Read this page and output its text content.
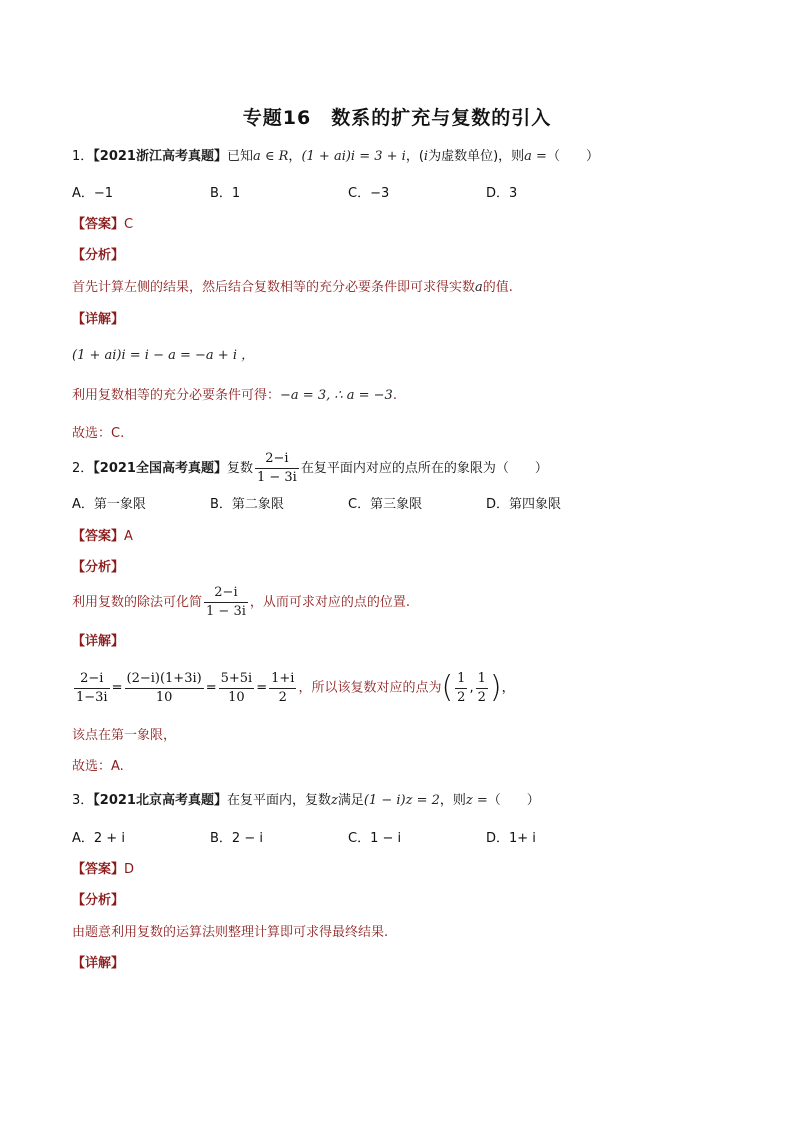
专题16　数系的扩充与复数的引入
1．【2021浙江高考真题】已知a ∈ R，(1 + ai)i = 3 + i，(i为虚数单位)，则a =（　　）
A．−1	B．1	C．−3	D．3
【答案】C
【分析】
首先计算左侧的结果，然后结合复数相等的充分必要条件即可求得实数a的值.
【详解】
(1 + ai)i = i − a = −a + i ，
利用复数相等的充分必要条件可得：−a = 3, ∴ a = −3.
故选：C.
2．【2021全国高考真题】复数 $\frac{2-i}{1 - 3i}$ 在复平面内对应的点所在的象限为（　　）
A．第一象限	B．第二象限	C．第三象限	D．第四象限
【答案】A
【分析】
利用复数的除法可化简 $\frac{2-i}{1 - 3i}$ ，从而可求对应的点的位置.
【详解】
$\frac{2-i}{1-3i} = \frac{(2-i)(1+3i)}{10} = \frac{5+5i}{10} = \frac{1+i}{2}$ ，所以该复数对应的点为( $\frac{1}{2}$ , $\frac{1}{2}$ )，
该点在第一象限，
故选：A.
3．【2021北京高考真题】在复平面内，复数z满足(1 − i)z = 2，则z =（　　）
A．2 + i	B．2 − i	C．1 − i	D．1+ i
【答案】D
【分析】
由题意利用复数的运算法则整理计算即可求得最终结果.
【详解】
